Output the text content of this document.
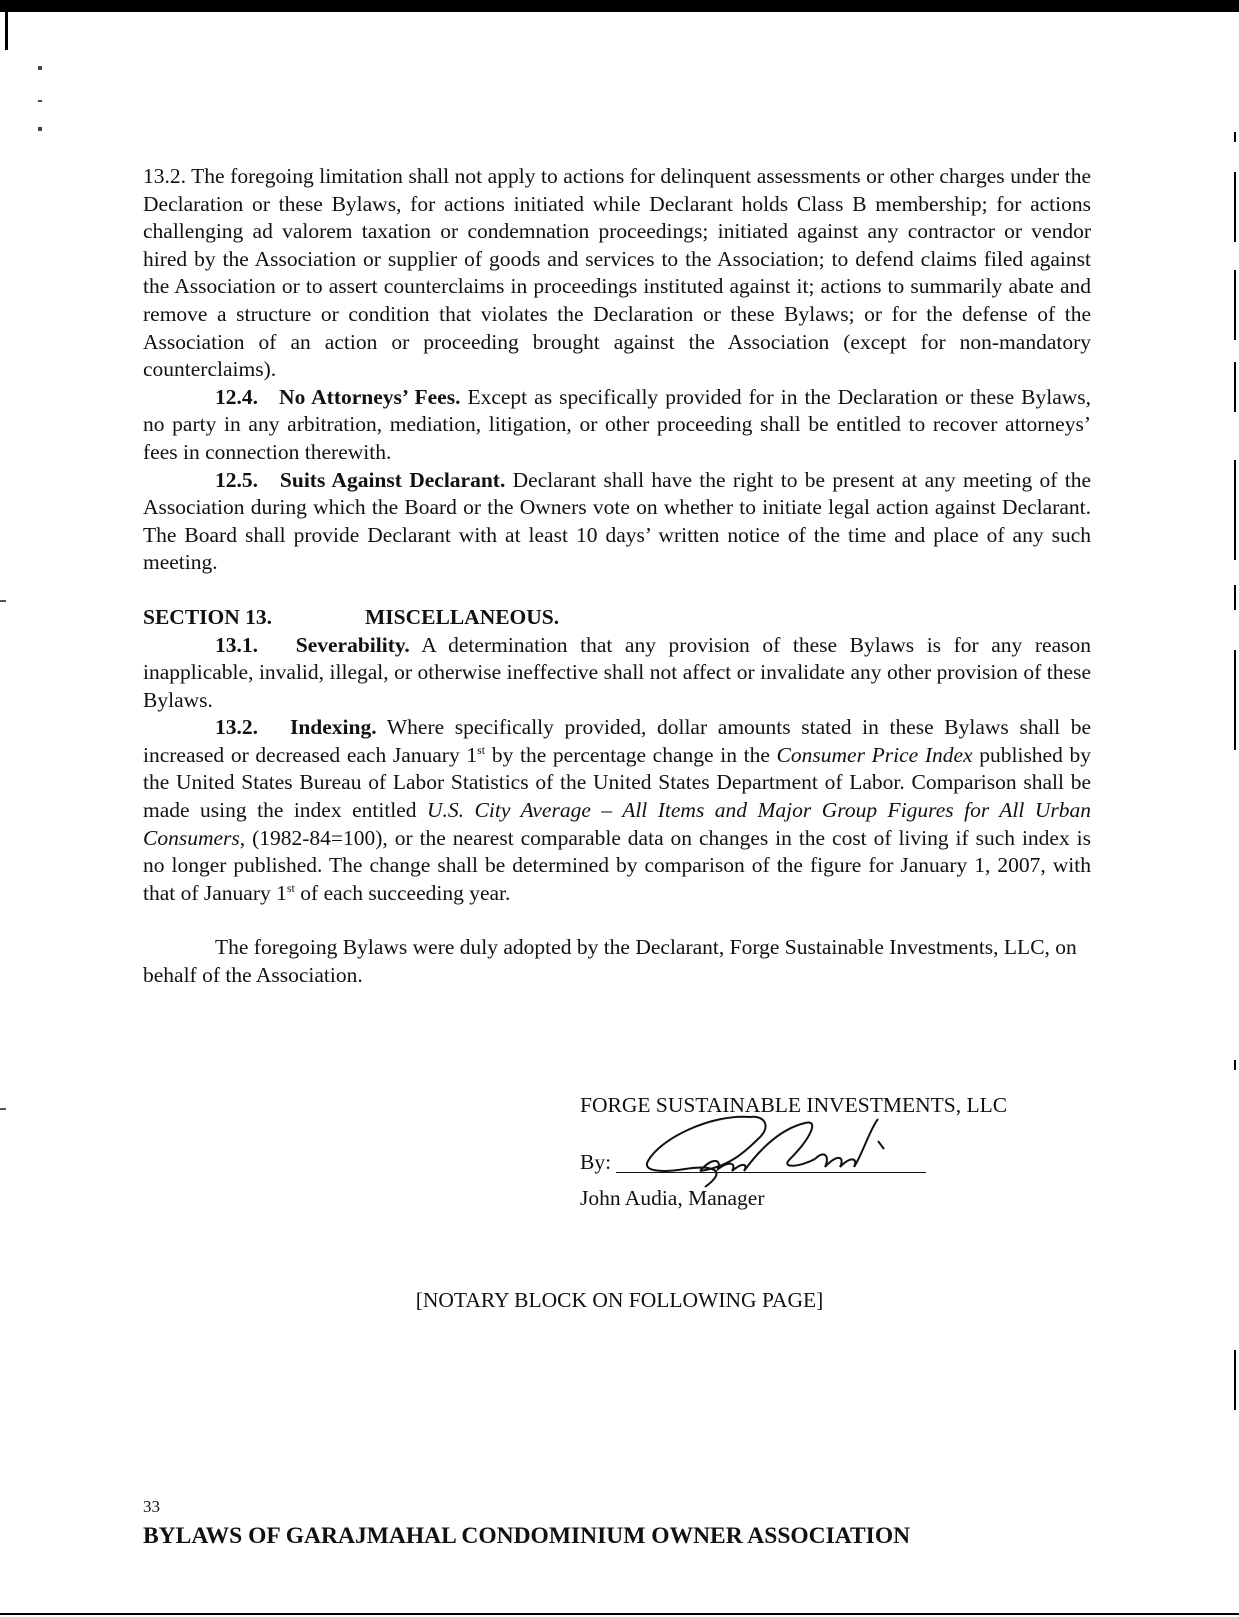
13.2. The foregoing limitation shall not apply to actions for delinquent assessments or other charges under the Declaration or these Bylaws, for actions initiated while Declarant holds Class B membership; for actions challenging ad valorem taxation or condemnation proceedings; initiated against any contractor or vendor hired by the Association or supplier of goods and services to the Association; to defend claims filed against the Association or to assert counterclaims in proceedings instituted against it; actions to summarily abate and remove a structure or condition that violates the Declaration or these Bylaws; or for the defense of the Association of an action or proceeding brought against the Association (except for non-mandatory counterclaims).

12.4. No Attorneys’ Fees. Except as specifically provided for in the Declaration or these Bylaws, no party in any arbitration, mediation, litigation, or other proceeding shall be entitled to recover attorneys’ fees in connection therewith.

12.5. Suits Against Declarant. Declarant shall have the right to be present at any meeting of the Association during which the Board or the Owners vote on whether to initiate legal action against Declarant. The Board shall provide Declarant with at least 10 days’ written notice of the time and place of any such meeting.

SECTION 13.	MISCELLANEOUS.

13.1. Severability. A determination that any provision of these Bylaws is for any reason inapplicable, invalid, illegal, or otherwise ineffective shall not affect or invalidate any other provision of these Bylaws.

13.2. Indexing. Where specifically provided, dollar amounts stated in these Bylaws shall be increased or decreased each January 1st by the percentage change in the Consumer Price Index published by the United States Bureau of Labor Statistics of the United States Department of Labor. Comparison shall be made using the index entitled U.S. City Average – All Items and Major Group Figures for All Urban Consumers, (1982-84=100), or the nearest comparable data on changes in the cost of living if such index is no longer published. The change shall be determined by comparison of the figure for January 1, 2007, with that of January 1st of each succeeding year.

The foregoing Bylaws were duly adopted by the Declarant, Forge Sustainable Investments, LLC, on behalf of the Association.

FORGE SUSTAINABLE INVESTMENTS, LLC
By:
John Audia, Manager
[NOTARY BLOCK ON FOLLOWING PAGE]
33
BYLAWS OF GARAJMAHAL CONDOMINIUM OWNER ASSOCIATION
